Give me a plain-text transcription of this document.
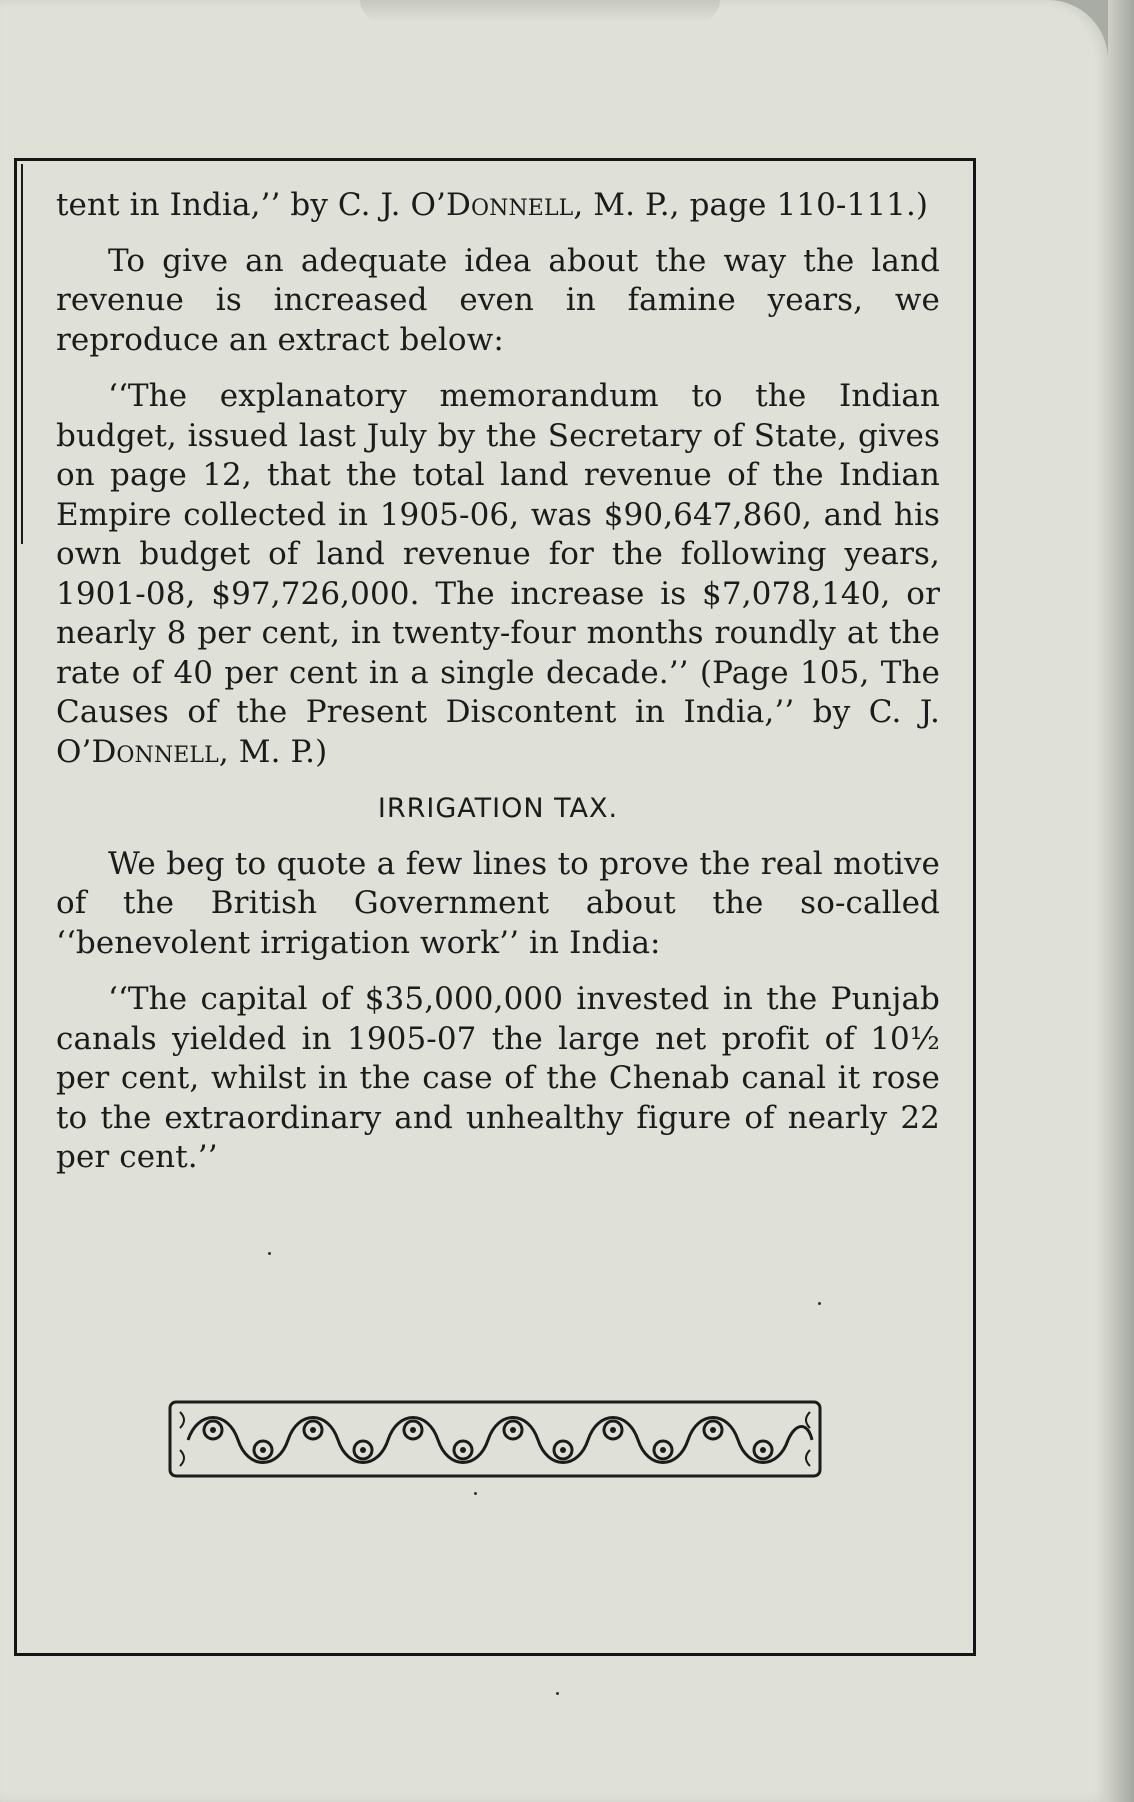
tent in India,’’ by C. J. O’Donnell, M. P., page 110-111.)

To give an adequate idea about the way the land revenue is increased even in famine years, we reproduce an extract below:

‘‘The explanatory memorandum to the Indian budget, issued last July by the Secretary of State, gives on page 12, that the total land revenue of the Indian Empire collected in 1905-06, was $90,647,860, and his own budget of land revenue for the following years, 1901-08, $97,726,000. The increase is $7,078,140, or nearly 8 per cent, in twenty-four months roundly at the rate of 40 per cent in a single decade.’’ (Page 105, The Causes of the Present Discontent in India,’’ by C. J. O’Donnell, M. P.)

IRRIGATION TAX.

We beg to quote a few lines to prove the real motive of the British Government about the so-called ‘‘benevolent irrigation work’’ in India:

‘‘The capital of $35,000,000 invested in the Punjab canals yielded in 1905-07 the large net profit of 10½ per cent, whilst in the case of the Chenab canal it rose to the extraordinary and unhealthy figure of nearly 22 per cent.’’
